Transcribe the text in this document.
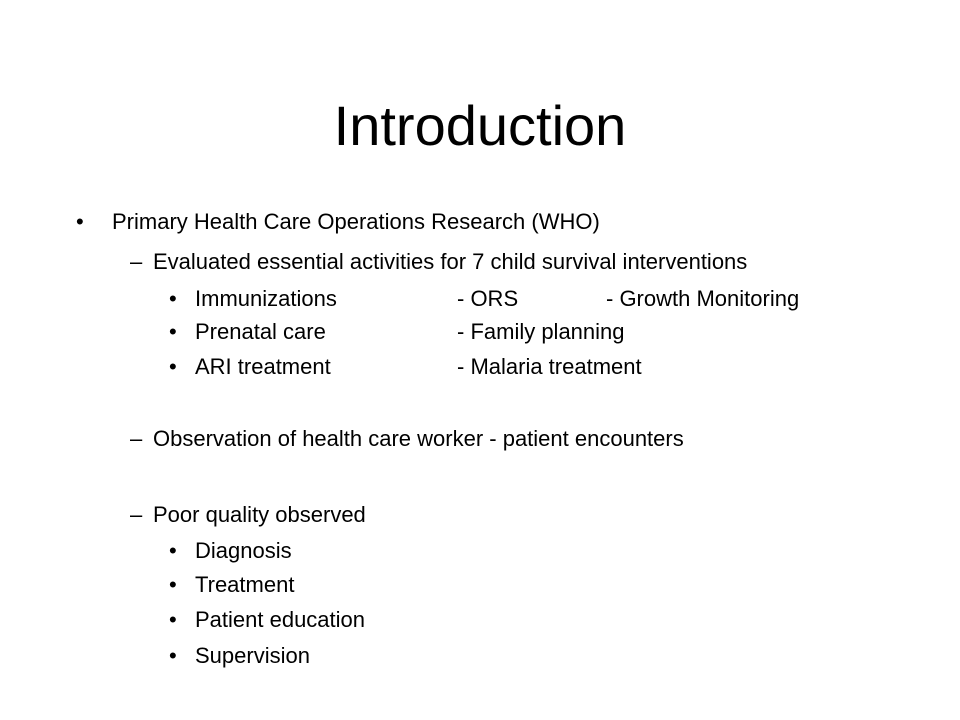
Introduction
•	Primary Health Care Operations Research (WHO)
– Evaluated essential activities for 7 child survival interventions
• Immunizations	- ORS	- Growth Monitoring
• Prenatal care	- Family planning
• ARI treatment	- Malaria treatment
– Observation of health care worker - patient encounters
– Poor quality observed
• Diagnosis
• Treatment
• Patient education
• Supervision
